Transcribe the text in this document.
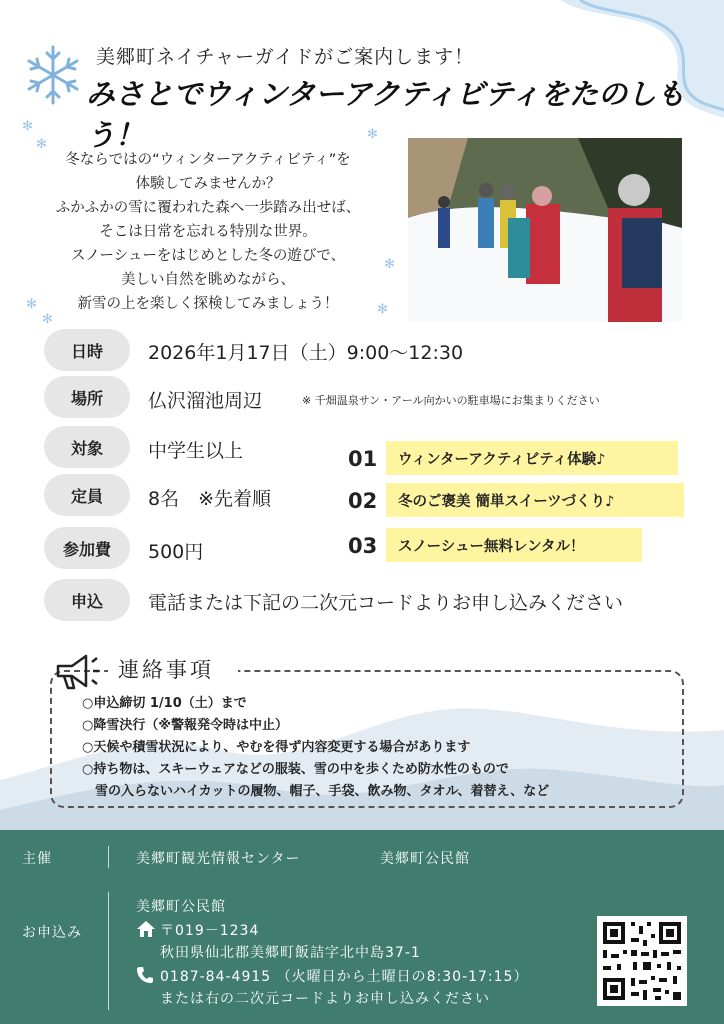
美郷町ネイチャーガイドがご案内します！
みさとでウィンターアクティビティをたのしもう！
✻
✻
✻
✻
✻
✻
✻
冬ならではの“ウィンターアクティビティ”を
体験してみませんか？
ふかふかの雪に覆われた森へ一歩踏み出せば、
そこは日常を忘れる特別な世界。
スノーシューをはじめとした冬の遊びで、
美しい自然を眺めながら、
新雪の上を楽しく探検してみましょう！
日時	2026年1月17日（土）9:00〜12:30
場所	仏沢溜池周辺	※ 千畑温泉サン・アール向かいの駐車場にお集まりください
対象	中学生以上
定員	8名　※先着順
参加費	500円
申込	電話または下記の二次元コードよりお申し込みください
01	ウィンターアクティビティ体験♪
02	冬のご褒美 簡単スイーツづくり♪
03	スノーシュー無料レンタル！
連絡事項
○申込締切 1/10（土）まで
○降雪決行（※警報発令時は中止）
○天候や積雪状況により、やむを得ず内容変更する場合があります
○持ち物は、スキーウェアなどの服装、雪の中を歩くため防水性のもので
　雪の入らないハイカットの履物、帽子、手袋、飲み物、タオル、着替え、など
主催	美郷町観光情報センター	美郷町公民館
お申込み
美郷町公民館
〒019－1234
秋田県仙北郡美郷町飯詰字北中島37-1
0187-84-4915 （火曜日から土曜日の8:30-17:15）
または右の二次元コードよりお申し込みください
